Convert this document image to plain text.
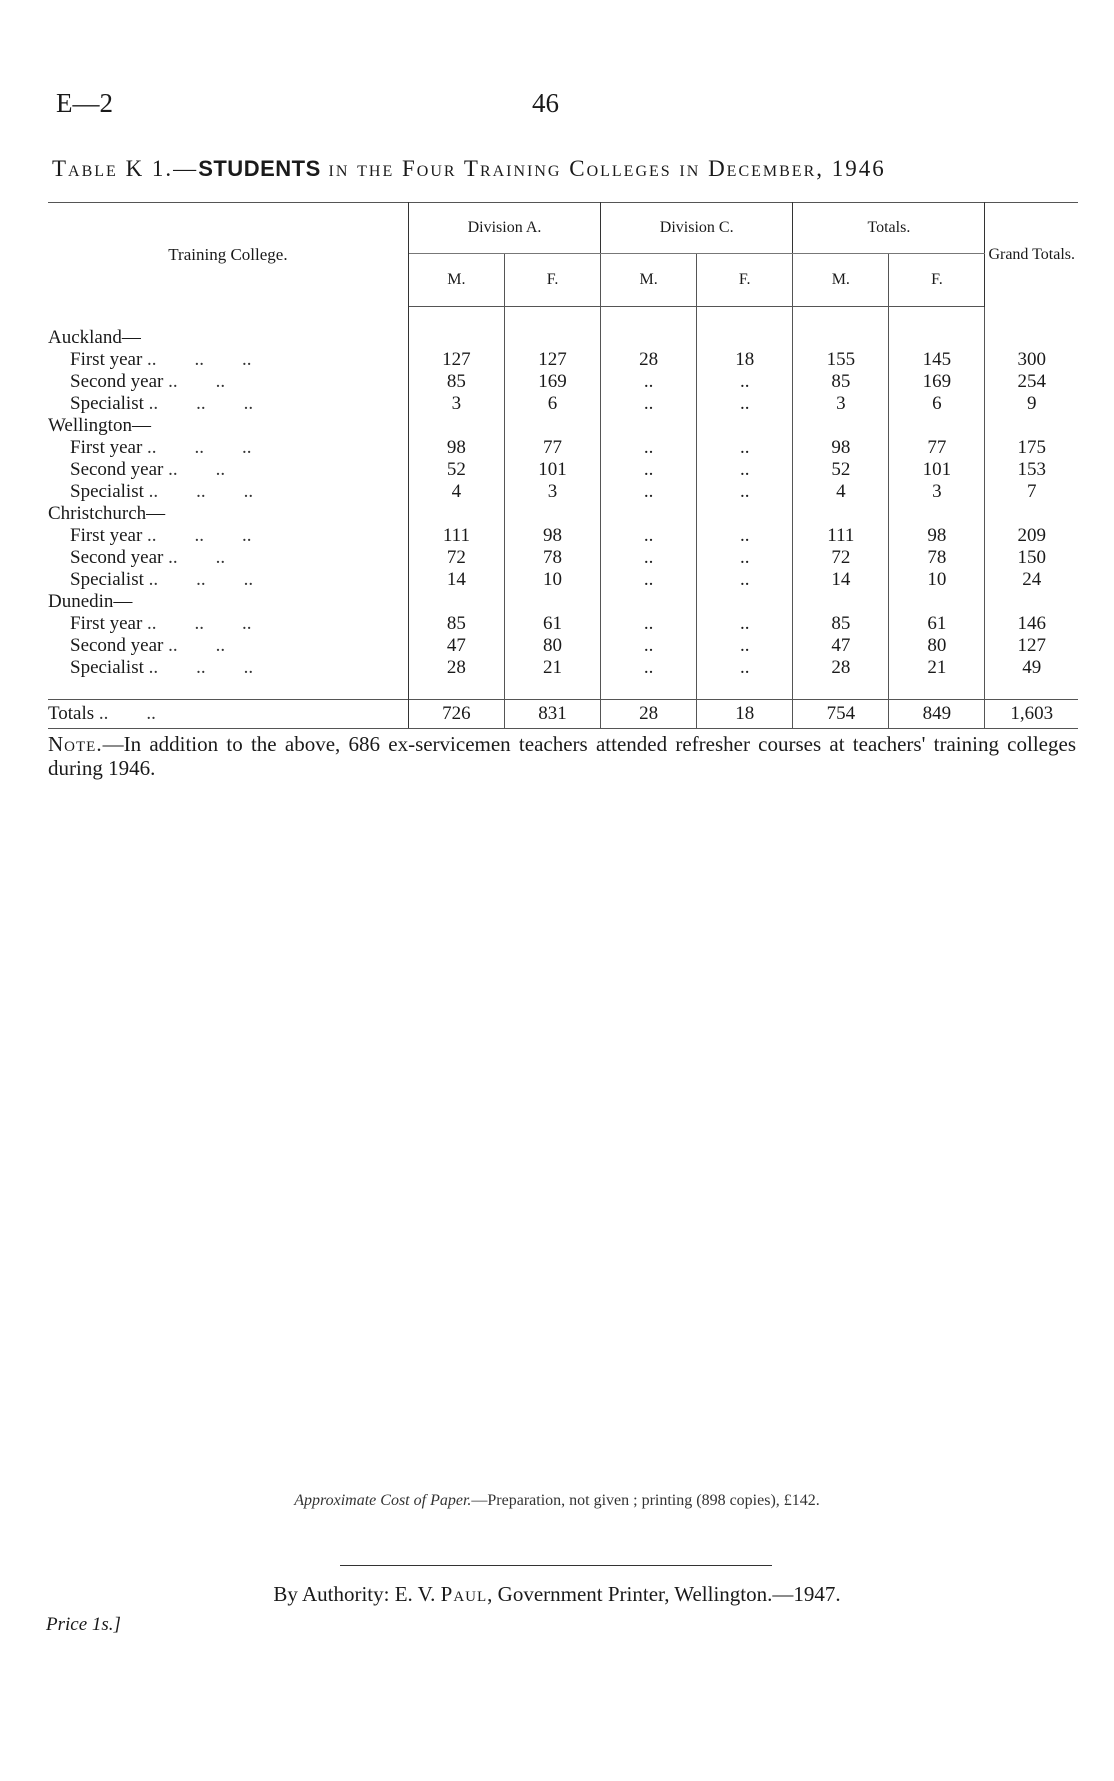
E—2	46
Table K 1.—STUDENTS in the Four Training Colleges in December, 1946
Training College.	Division A.		Division C.		Totals.		Grand Totals.
	M.	F.	M.	F.	M.	F.	

Auckland—							
First year ..        ..        ..	127	127	28	18	155	145	300
Second year ..        ..	85	169	..	..	85	169	254
Specialist ..        ..        ..	3	6	..	..	3	6	9
Wellington—							
First year ..        ..        ..	98	77	..	..	98	77	175
Second year ..        ..	52	101	..	..	52	101	153
Specialist ..        ..        ..	4	3	..	..	4	3	7
Christchurch—							
First year ..        ..        ..	111	98	..	..	111	98	209
Second year ..        ..	72	78	..	..	72	78	150
Specialist ..        ..        ..	14	10	..	..	14	10	24
Dunedin—							
First year ..        ..        ..	85	61	..	..	85	61	146
Second year ..        ..	47	80	..	..	47	80	127
Specialist ..        ..        ..	28	21	..	..	28	21	49

Totals ..        ..	726	831	28	18	754	849	1,603
Note.—In addition to the above, 686 ex-servicemen teachers attended refresher courses at teachers' training colleges during 1946.
Approximate Cost of Paper.—Preparation, not given ; printing (898 copies), £142.
By Authority: E. V. Paul, Government Printer, Wellington.—1947.
Price 1s.]
